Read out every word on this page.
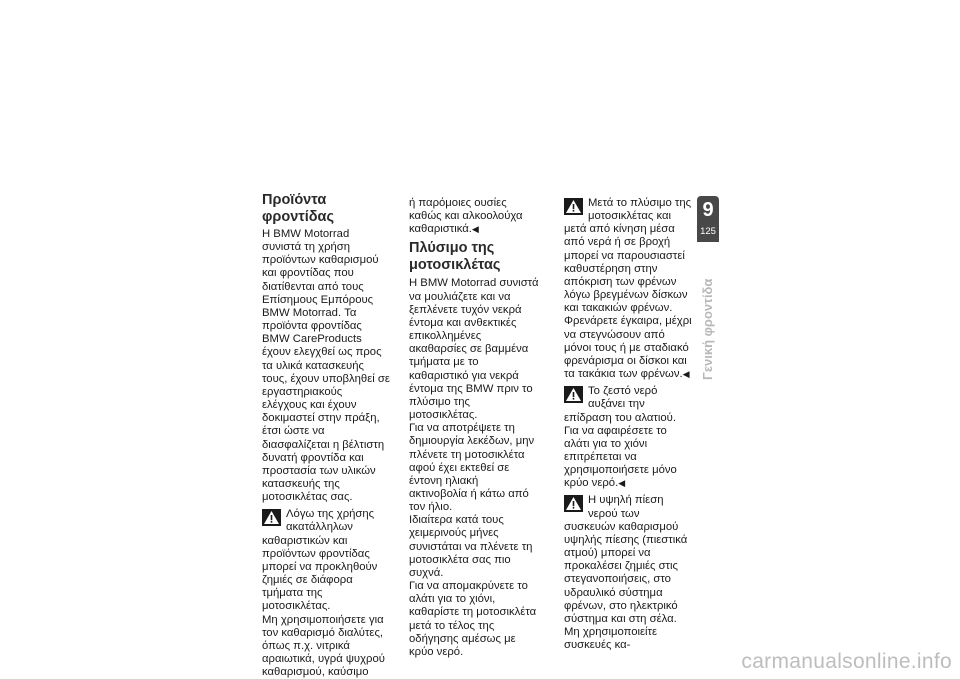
Προϊόντα φροντίδας

Η BMW Motorrad συνιστά τη χρήση προϊόντων καθαρισμού και φροντίδας που διατίθενται από τους Επίσημους Εμπόρους BMW Motorrad. Τα προϊόντα φροντίδας BMW CareProducts έχουν ελεγχθεί ως προς τα υλικά κατασκευής τους, έχουν υποβληθεί σε εργαστηριακούς ελέγχους και έχουν δοκιμαστεί στην πράξη, έτσι ώστε να διασφαλίζεται η βέλτιστη δυνατή φροντίδα και προστασία των υλικών κατασκευής της μοτοσικλέτας σας.

Λόγω της χρήσης ακατάλληλων καθαριστικών και προϊόντων φροντίδας μπορεί να προκληθούν ζημιές σε διάφορα τμήματα της μοτοσικλέτας.

Μη χρησιμοποιήσετε για τον καθαρισμό διαλύτες, όπως π.χ. νιτρικά αραιωτικά, υγρά ψυχρού καθαρισμού, καύσιμο

ή παρόμοιες ουσίες καθώς και αλκοολούχα καθαριστικά.◀

Πλύσιμο της μοτοσικλέτας

Η BMW Motorrad συνιστά να μουλιάζετε και να ξεπλένετε τυχόν νεκρά έντομα και ανθεκτικές επικολλημένες ακαθαρσίες σε βαμμένα τμήματα με το καθαριστικό για νεκρά έντομα της BMW πριν το πλύσιμο της μοτοσικλέτας.

Για να αποτρέψετε τη δημιουργία λεκέδων, μην πλένετε τη μοτοσικλέτα αφού έχει εκτεθεί σε έντονη ηλιακή ακτινοβολία ή κάτω από τον ήλιο.

Ιδιαίτερα κατά τους χειμερινούς μήνες συνιστάται να πλένετε τη μοτοσικλέτα σας πιο συχνά.

Για να απομακρύνετε το αλάτι για το χιόνι, καθαρίστε τη μοτοσικλέτα μετά το τέλος της οδήγησης αμέσως με κρύο νερό.

Μετά το πλύσιμο της μοτοσικλέτας και μετά από κίνηση μέσα από νερά ή σε βροχή μπορεί να παρουσιαστεί καθυστέρηση στην απόκριση των φρένων λόγω βρεγμένων δίσκων και τακακιών φρένων.

Φρενάρετε έγκαιρα, μέχρι να στεγνώσουν από μόνοι τους ή με σταδιακό φρενάρισμα οι δίσκοι και τα τακάκια των φρένων.◀

Το ζεστό νερό αυξάνει την επίδραση του αλατιού.

Για να αφαιρέσετε το αλάτι για το χιόνι επιτρέπεται να χρησιμοποιήσετε μόνο κρύο νερό.◀

Η υψηλή πίεση νερού των συσκευών καθαρισμού υψηλής πίεσης (πιεστικά ατμού) μπορεί να προκαλέσει ζημιές στις στεγανοποιήσεις, στο υδραυλικό σύστημα φρένων, στο ηλεκτρικό σύστημα και στη σέλα.

Μη χρησιμοποιείτε συσκευές κα-

9
125
Γενική φροντίδα
carmanualsonline.info
